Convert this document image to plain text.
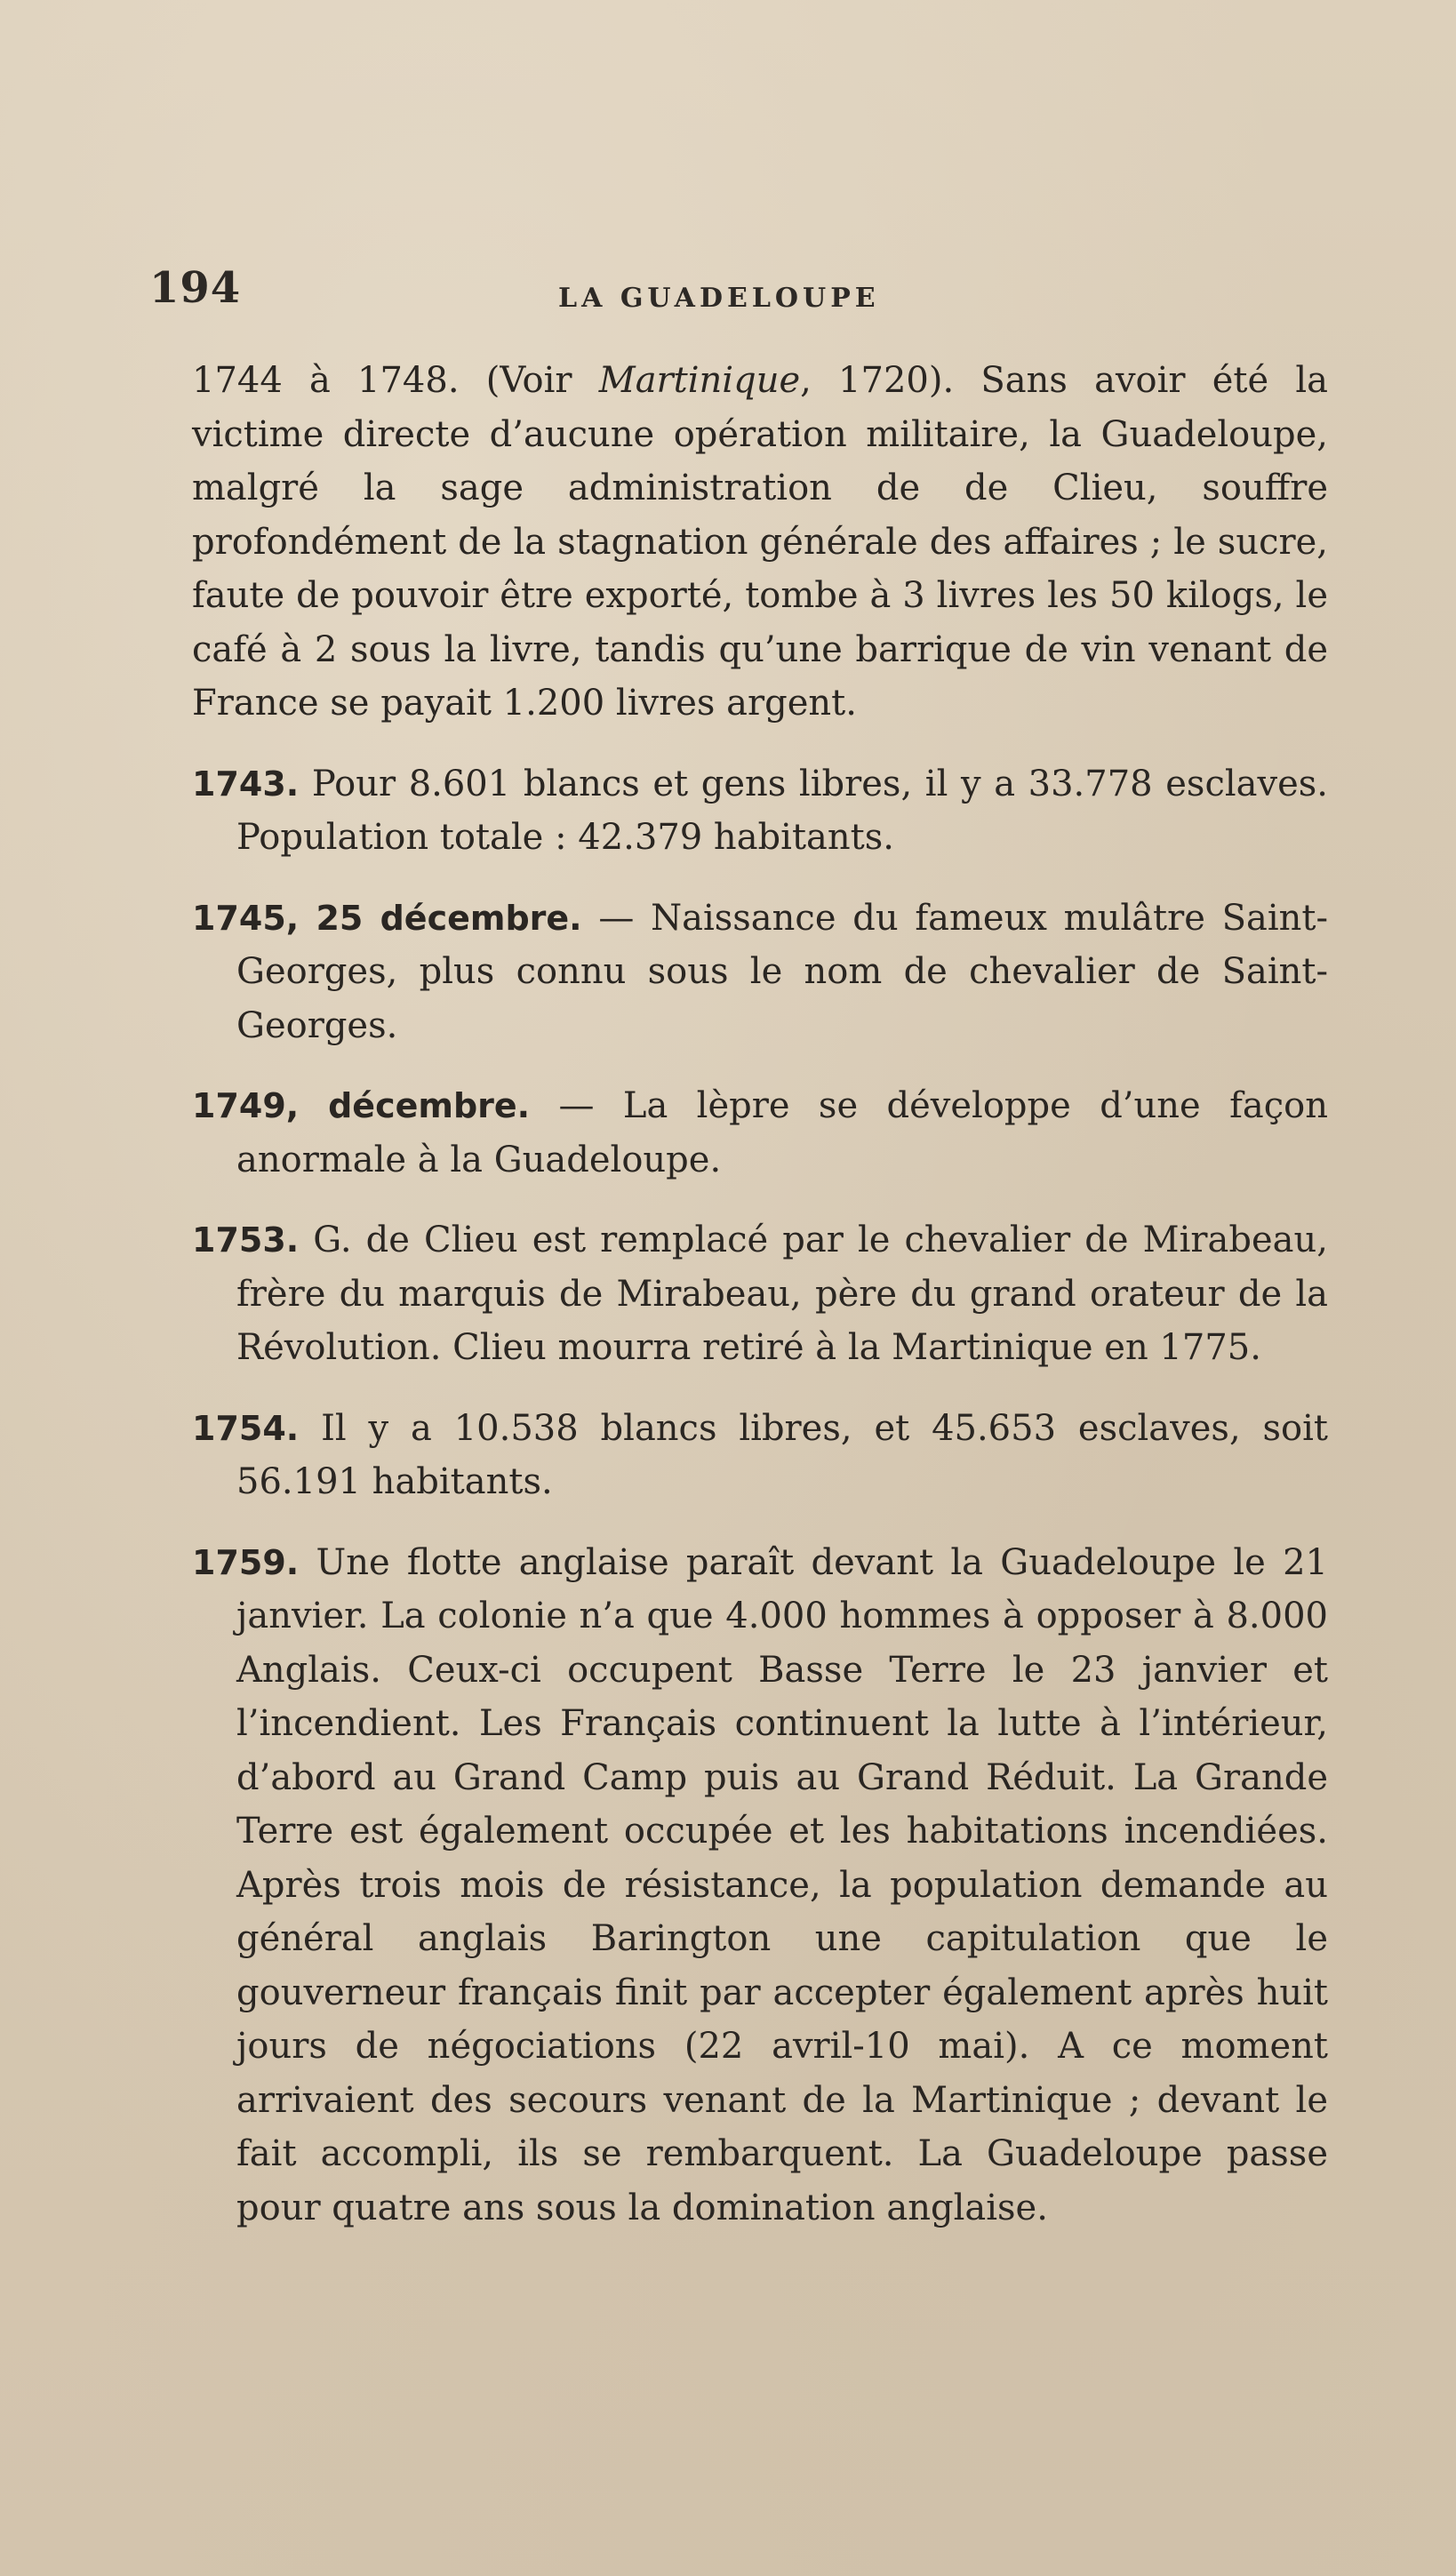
194	LA GUADELOUPE

1744 à 1748. (Voir Martinique, 1720). Sans avoir été la victime directe d’aucune opération militaire, la Guadeloupe, malgré la sage administration de de Clieu, souffre profondément de la stagnation générale des affaires ; le sucre, faute de pouvoir être exporté, tombe à 3 livres les 50 kilogs, le café à 2 sous la livre, tandis qu’une barrique de vin venant de France se payait 1.200 livres argent.

1743. Pour 8.601 blancs et gens libres, il y a 33.778 esclaves. Population totale : 42.379 habitants.

1745, 25 décembre. — Naissance du fameux mulâtre Saint-Georges, plus connu sous le nom de chevalier de Saint-Georges.

1749, décembre. — La lèpre se développe d’une façon anormale à la Guadeloupe.

1753. G. de Clieu est remplacé par le chevalier de Mirabeau, frère du marquis de Mirabeau, père du grand orateur de la Révolution. Clieu mourra retiré à la Martinique en 1775.

1754. Il y a 10.538 blancs libres, et 45.653 esclaves, soit 56.191 habitants.

1759. Une flotte anglaise paraît devant la Guadeloupe le 21 janvier. La colonie n’a que 4.000 hommes à opposer à 8.000 Anglais. Ceux-ci occupent Basse Terre le 23 janvier et l’incendient. Les Français continuent la lutte à l’intérieur, d’abord au Grand Camp puis au Grand Réduit. La Grande Terre est également occupée et les habitations incendiées. Après trois mois de résistance, la population demande au général anglais Barington une capitulation que le gouverneur français finit par accepter également après huit jours de négociations (22 avril-10 mai). A ce moment arrivaient des secours venant de la Martinique ; devant le fait accompli, ils se rembarquent. La Guadeloupe passe pour quatre ans sous la domination anglaise.
